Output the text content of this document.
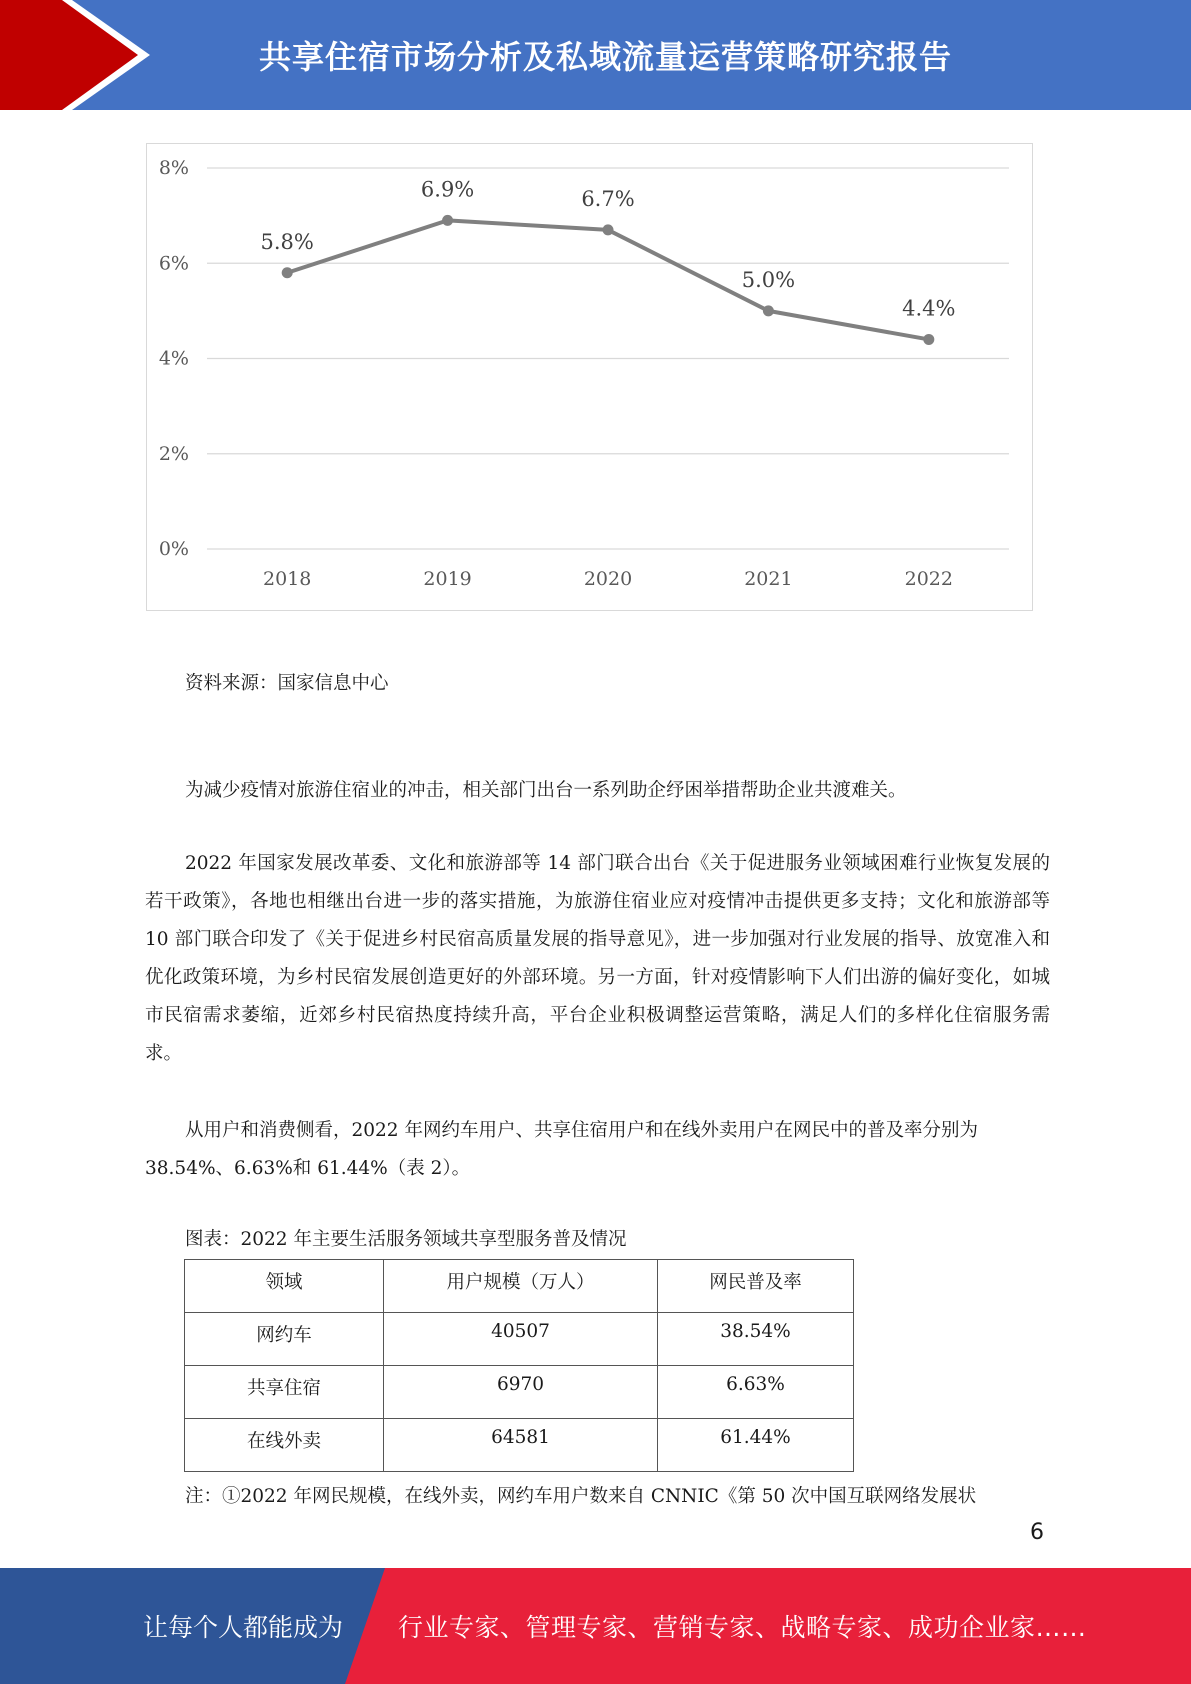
共享住宿市场分析及私域流量运营策略研究报告
0%
2%
4%
6%
8%
2018	2019	2020	2021	2022
5.8%
6.9%	6.7%
5.0%
4.4%
资料来源：国家信息中心
为减少疫情对旅游住宿业的冲击，相关部门出台一系列助企纾困举措帮助企业共渡难关。
2022 年国家发展改革委、文化和旅游部等 14 部门联合出台《关于促进服务业领域困难行业恢复发展的若干政策》，各地也相继出台进一步的落实措施，为旅游住宿业应对疫情冲击提供更多支持；文化和旅游部等 10 部门联合印发了《关于促进乡村民宿高质量发展的指导意见》，进一步加强对行业发展的指导、放宽准入和优化政策环境，为乡村民宿发展创造更好的外部环境。另一方面，针对疫情影响下人们出游的偏好变化，如城市民宿需求萎缩，近郊乡村民宿热度持续升高，平台企业积极调整运营策略，满足人们的多样化住宿服务需求。
从用户和消费侧看，2022 年网约车用户、共享住宿用户和在线外卖用户在网民中的普及率分别为 38.54%、6.63%和 61.44%（表 2）。
图表：2022 年主要生活服务领域共享型服务普及情况
领域	用户规模（万人）	网民普及率
网约车	40507	38.54%
共享住宿	6970	6.63%
在线外卖	64581	61.44%
注：①2022 年网民规模，在线外卖，网约车用户数来自 CNNIC《第 50 次中国互联网络发展状
6
让每个人都能成为 行业专家、管理专家、营销专家、战略专家、成功企业家……
